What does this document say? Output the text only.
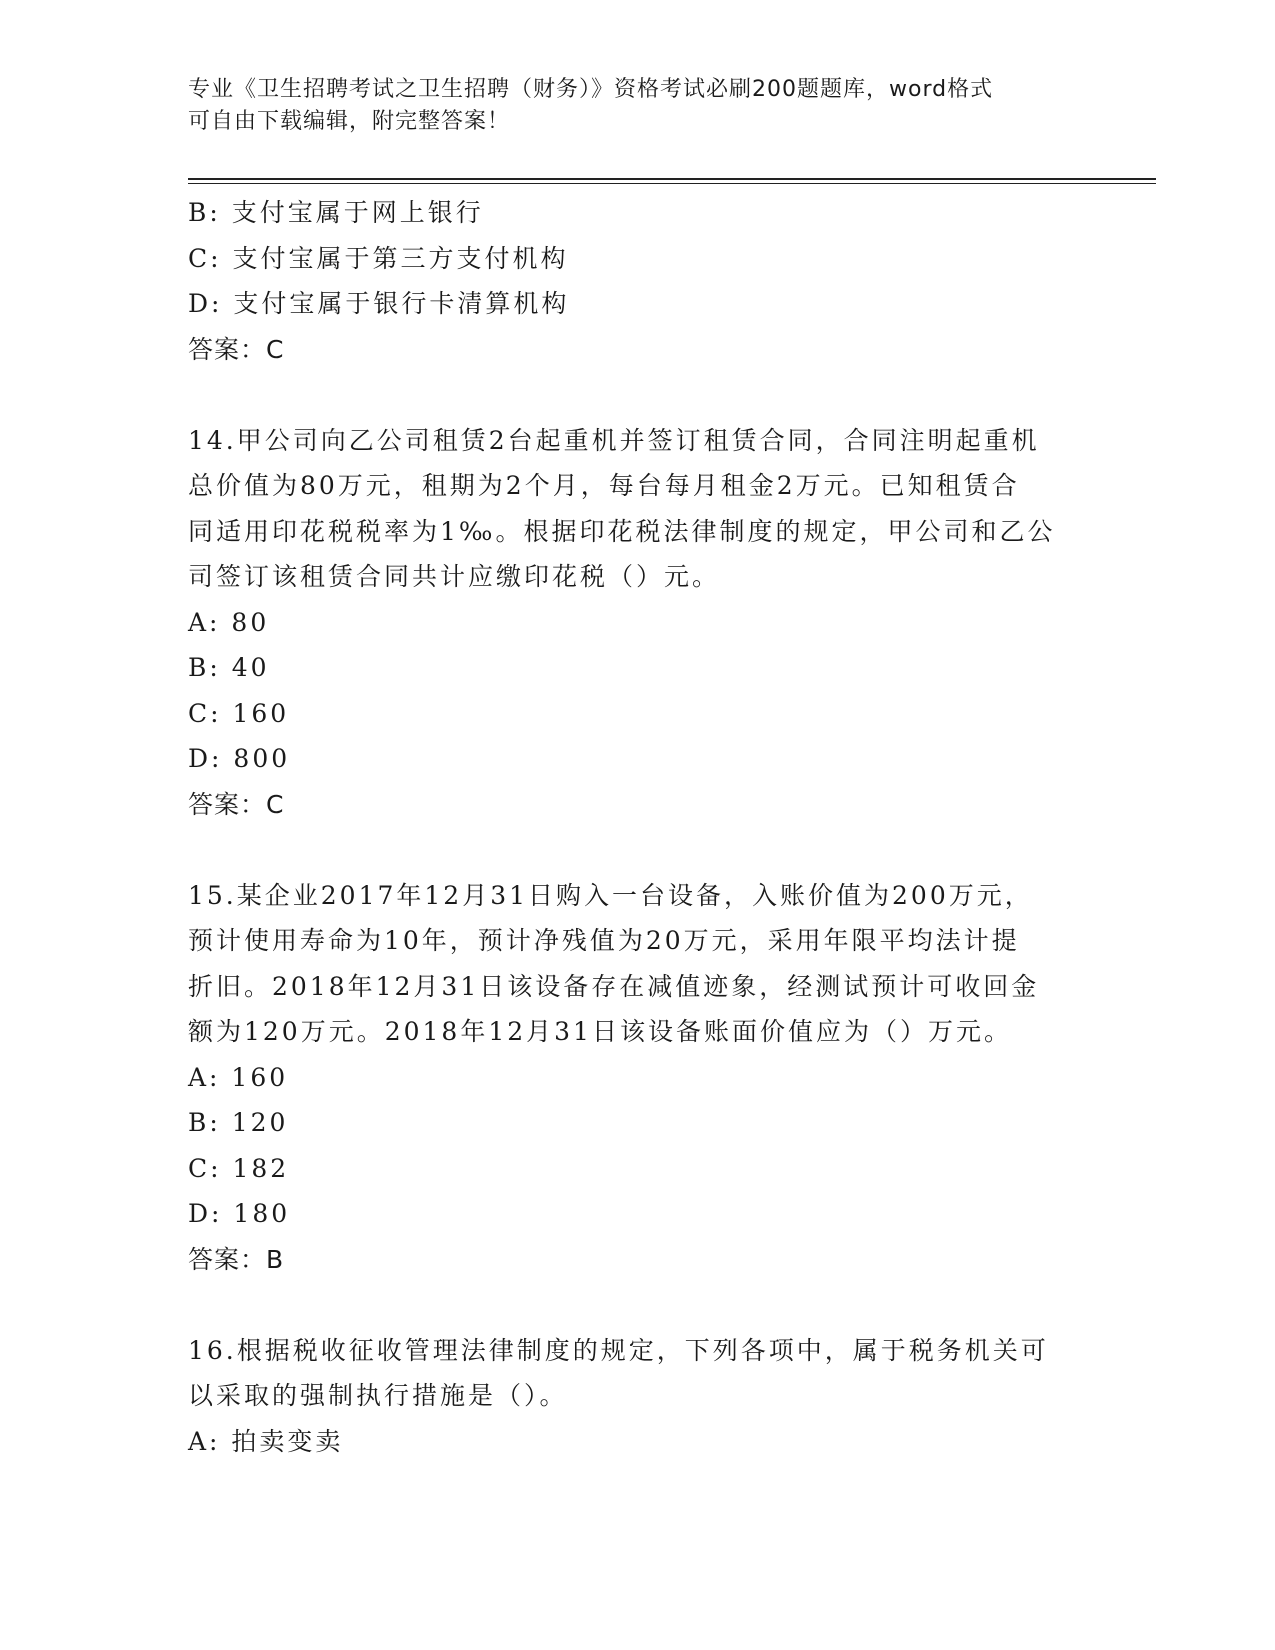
专业《卫生招聘考试之卫生招聘（财务）》资格考试必刷200题题库，word格式
可自由下载编辑，附完整答案！
B: 支付宝属于网上银行
C: 支付宝属于第三方支付机构
D: 支付宝属于银行卡清算机构
答案：C
14.甲公司向乙公司租赁2台起重机并签订租赁合同，合同注明起重机
总价值为80万元，租期为2个月，每台每月租金2万元。已知租赁合
同适用印花税税率为1‰。根据印花税法律制度的规定，甲公司和乙公
司签订该租赁合同共计应缴印花税（）元。
A: 80
B: 40
C: 160
D: 800
答案：C
15.某企业2017年12月31日购入一台设备，入账价值为200万元，
预计使用寿命为10年，预计净残值为20万元，采用年限平均法计提
折旧。2018年12月31日该设备存在减值迹象，经测试预计可收回金
额为120万元。2018年12月31日该设备账面价值应为（）万元。
A: 160
B: 120
C: 182
D: 180
答案：B
16.根据税收征收管理法律制度的规定，下列各项中，属于税务机关可
以采取的强制执行措施是（）。
A: 拍卖变卖
